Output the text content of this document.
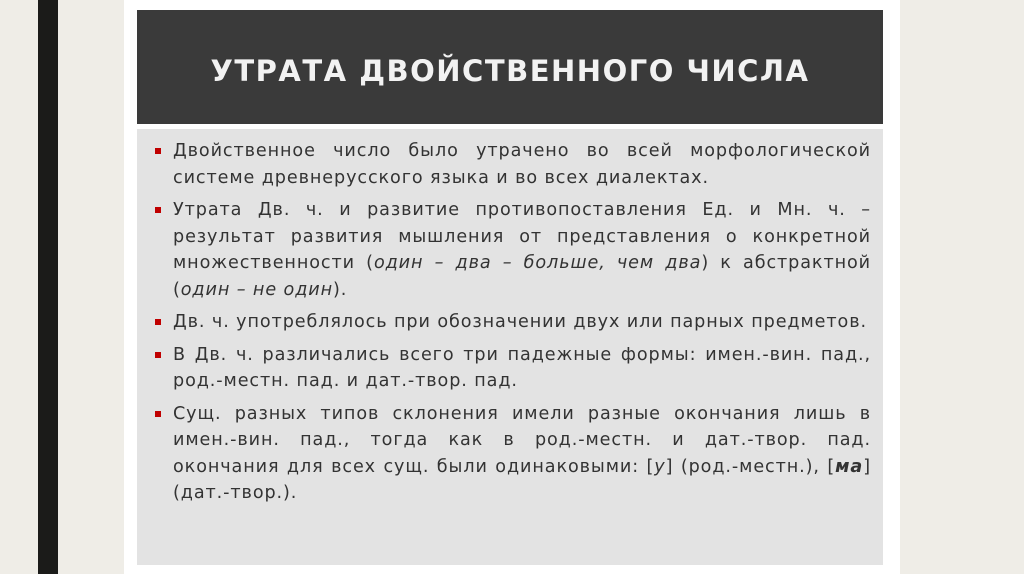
УТРАТА ДВОЙСТВЕННОГО ЧИСЛА
Двойственное число было утрачено во всей морфологической системе древнерусского языка и во всех диалектах.
Утрата Дв. ч. и развитие противопоставления Ед. и Мн. ч. – результат развития мышления от представления о конкретной множественности (один – два – больше, чем два) к абстрактной (один – не один).
Дв. ч. употреблялось при обозначении двух или парных предметов.
В Дв. ч. различались всего три падежные формы: имен.-вин. пад., род.-местн. пад. и дат.-твор. пад.
Сущ. разных типов склонения имели разные окончания лишь в имен.-вин. пад., тогда как в род.-местн. и дат.-твор. пад. окончания для всех сущ. были одинаковыми: [у] (род.-местн.), [ма] (дат.-твор.).
